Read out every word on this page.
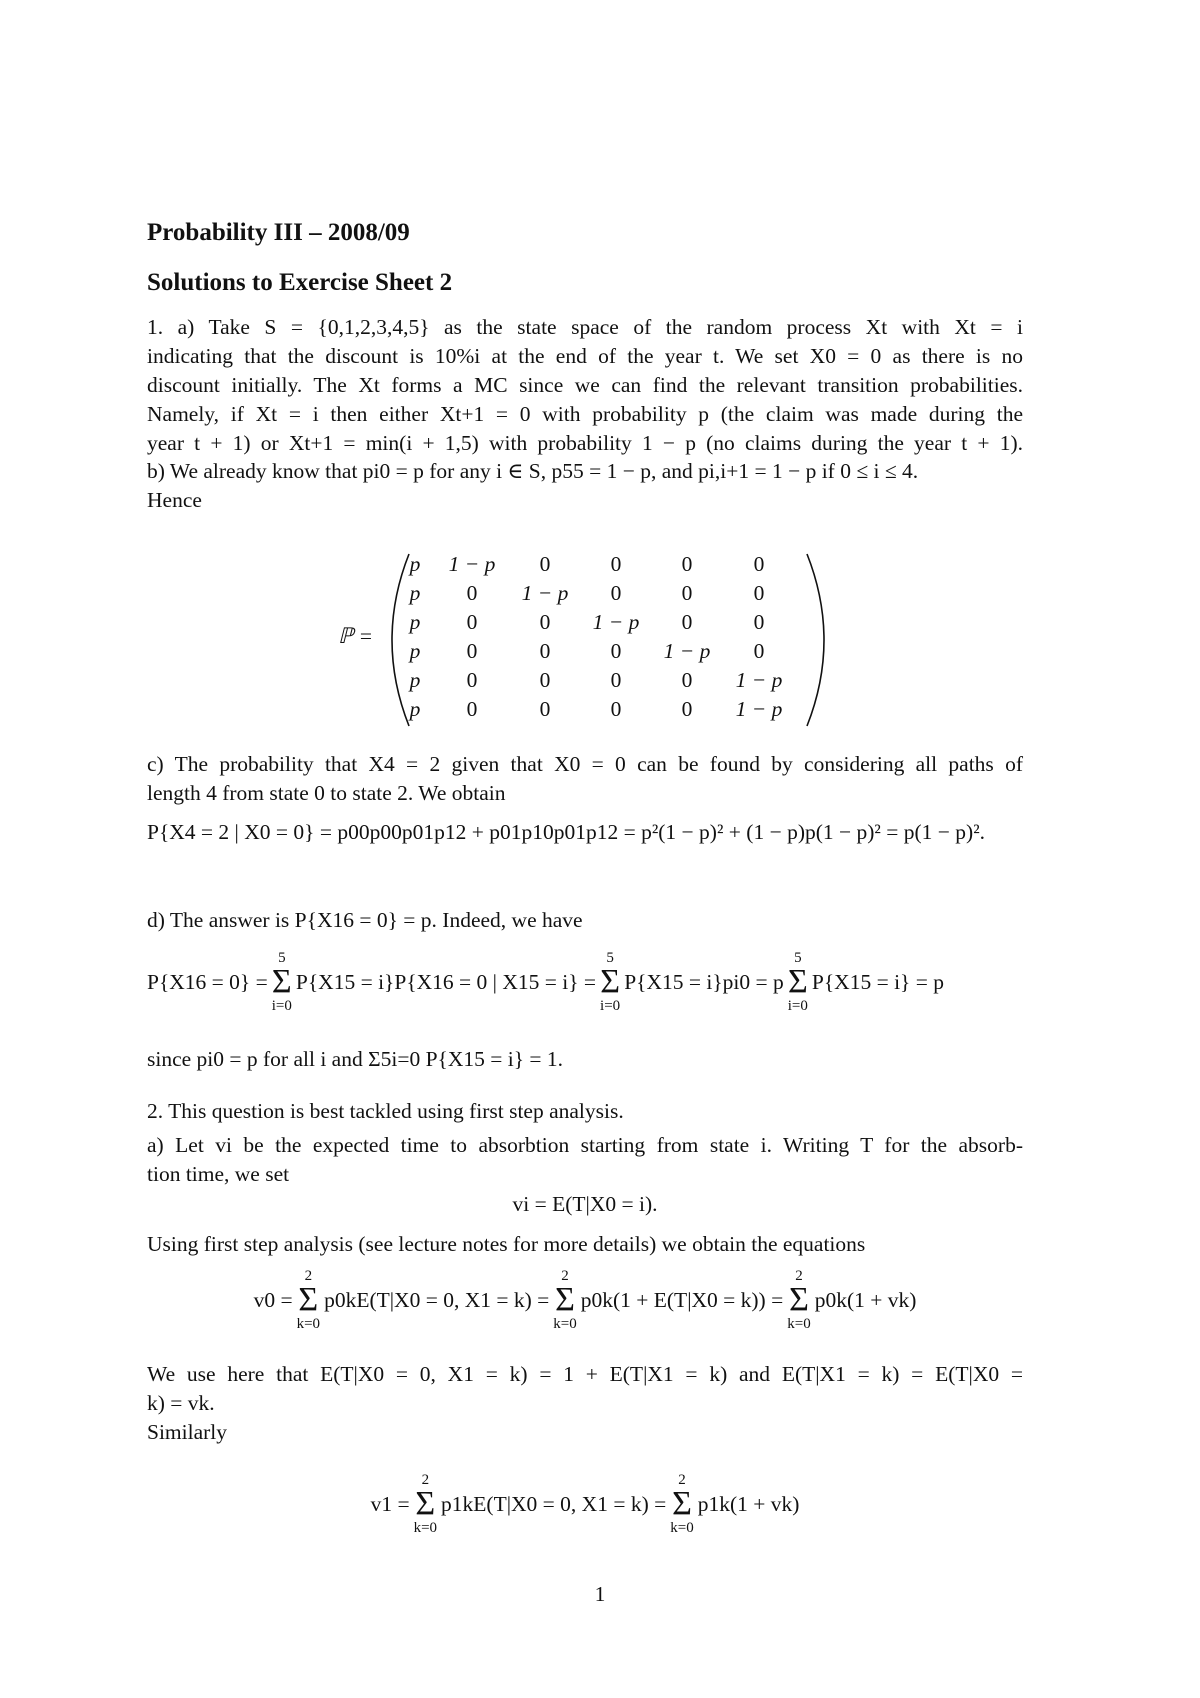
Probability III – 2008/09
Solutions to Exercise Sheet 2
1. a) Take S = {0,1,2,3,4,5} as the state space of the random process Xt with Xt = i
indicating that the discount is 10%i at the end of the year t. We set X0 = 0 as there is no
discount initially. The Xt forms a MC since we can find the relevant transition probabilities.
Namely, if Xt = i then either Xt+1 = 0 with probability p (the claim was made during the
year t + 1) or Xt+1 = min(i + 1,5) with probability 1 − p (no claims during the year t + 1).
b) We already know that pi0 = p for any i ∈ S, p55 = 1 − p, and pi,i+1 = 1 − p if 0 ≤ i ≤ 4.
Hence
ℙ =
p	1 − p	0	0	0	0
p	0	1 − p	0	0	0
p	0	0	1 − p	0	0
p	0	0	0	1 − p	0
p	0	0	0	0	1 − p
p	0	0	0	0	1 − p
c) The probability that X4 = 2 given that X0 = 0 can be found by considering all paths of
length 4 from state 0 to state 2. We obtain
P{X4 = 2 | X0 = 0} = p00p00p01p12 + p01p10p01p12 = p²(1 − p)² + (1 − p)p(1 − p)² = p(1 − p)².
d) The answer is P{X16 = 0} = p. Indeed, we have
P{X16 = 0} =
5
Σ
i=0
P{X15 = i}P{X16 = 0 | X15 = i} =
5
Σ
i=0
P{X15 = i}pi0 = p
5
Σ
i=0
P{X15 = i} = p
since pi0 = p for all i and Σ5i=0 P{X15 = i} = 1.
2. This question is best tackled using first step analysis.
a) Let vi be the expected time to absorbtion starting from state i. Writing T for the absorb-
tion time, we set
vi = E(T|X0 = i).
Using first step analysis (see lecture notes for more details) we obtain the equations
v0 =
2
Σ
k=0
p0kE(T|X0 = 0, X1 = k) =
2
Σ
k=0
p0k(1 + E(T|X0 = k)) =
2
Σ
k=0
p0k(1 + vk)
We use here that E(T|X0 = 0, X1 = k) = 1 + E(T|X1 = k) and E(T|X1 = k) = E(T|X0 =
k) = vk.
Similarly
v1 =
2
Σ
k=0
p1kE(T|X0 = 0, X1 = k) =
2
Σ
k=0
p1k(1 + vk)
1
